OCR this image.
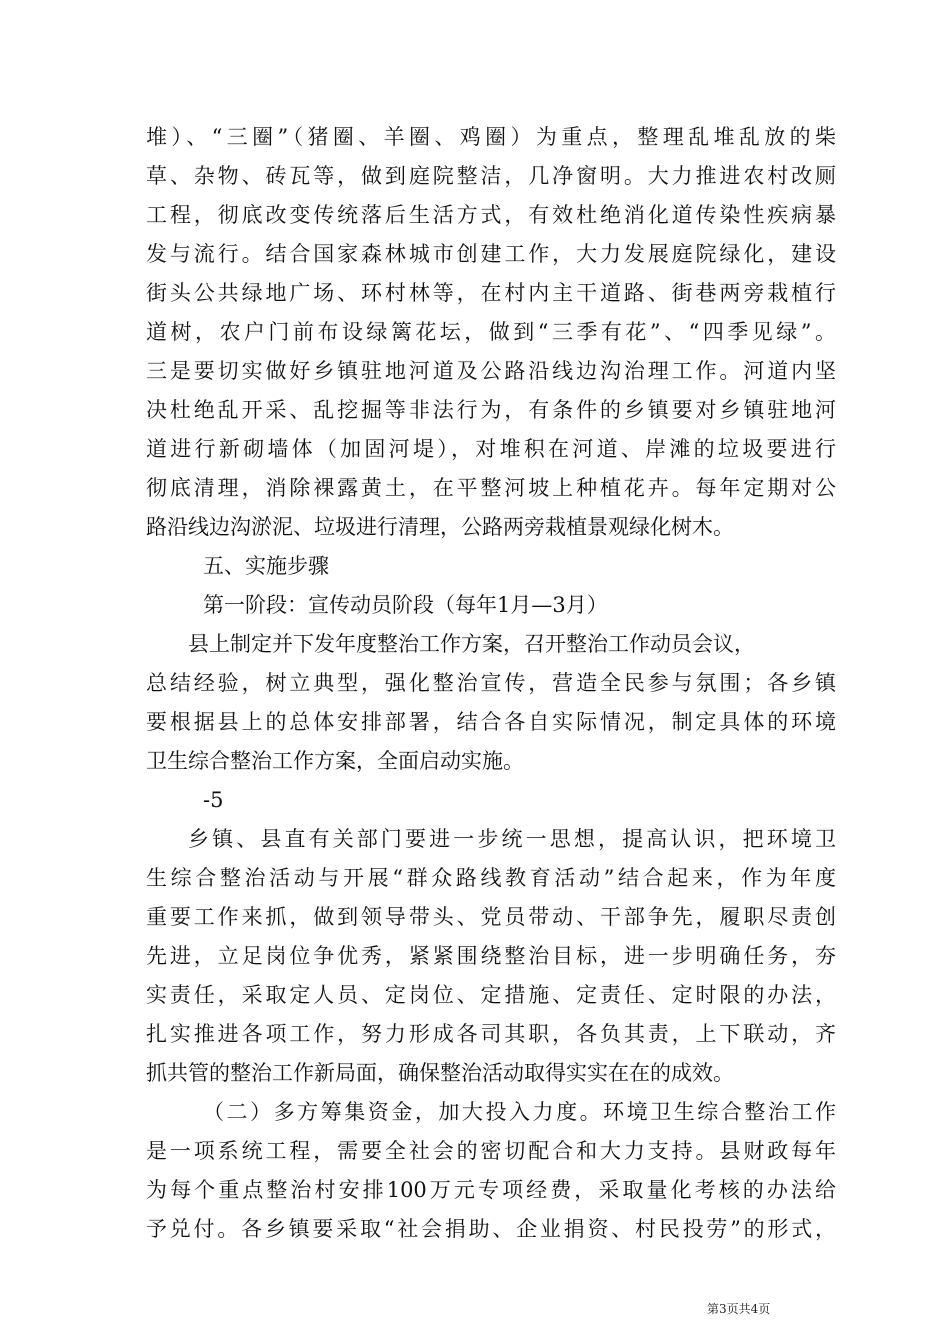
堆）、“三圈”（猪圈、羊圈、鸡圈）为重点，整理乱堆乱放的柴
草、杂物、砖瓦等，做到庭院整洁，几净窗明。大力推进农村改厕
工程，彻底改变传统落后生活方式，有效杜绝消化道传染性疾病暴
发与流行。结合国家森林城市创建工作，大力发展庭院绿化，建设
街头公共绿地广场、环村林等，在村内主干道路、街巷两旁栽植行
道树，农户门前布设绿篱花坛，做到“三季有花”、“四季见绿”。
三是要切实做好乡镇驻地河道及公路沿线边沟治理工作。河道内坚
决杜绝乱开采、乱挖掘等非法行为，有条件的乡镇要对乡镇驻地河
道进行新砌墙体（加固河堤），对堆积在河道、岸滩的垃圾要进行
彻底清理，消除裸露黄土，在平整河坡上种植花卉。每年定期对公
路沿线边沟淤泥、垃圾进行清理，公路两旁栽植景观绿化树木。
五、实施步骤
第一阶段：宣传动员阶段（每年1月—3月）
县上制定并下发年度整治工作方案，召开整治工作动员会议，
总结经验，树立典型，强化整治宣传，营造全民参与氛围；各乡镇
要根据县上的总体安排部署，结合各自实际情况，制定具体的环境
卫生综合整治工作方案，全面启动实施。
-5
乡镇、县直有关部门要进一步统一思想，提高认识，把环境卫
生综合整治活动与开展“群众路线教育活动”结合起来，作为年度
重要工作来抓，做到领导带头、党员带动、干部争先，履职尽责创
先进，立足岗位争优秀，紧紧围绕整治目标，进一步明确任务，夯
实责任，采取定人员、定岗位、定措施、定责任、定时限的办法，
扎实推进各项工作，努力形成各司其职，各负其责，上下联动，齐
抓共管的整治工作新局面，确保整治活动取得实实在在的成效。
（二）多方筹集资金，加大投入力度。环境卫生综合整治工作
是一项系统工程，需要全社会的密切配合和大力支持。县财政每年
为每个重点整治村安排100万元专项经费，采取量化考核的办法给
予兑付。各乡镇要采取“社会捐助、企业捐资、村民投劳”的形式，
第3页共4页
